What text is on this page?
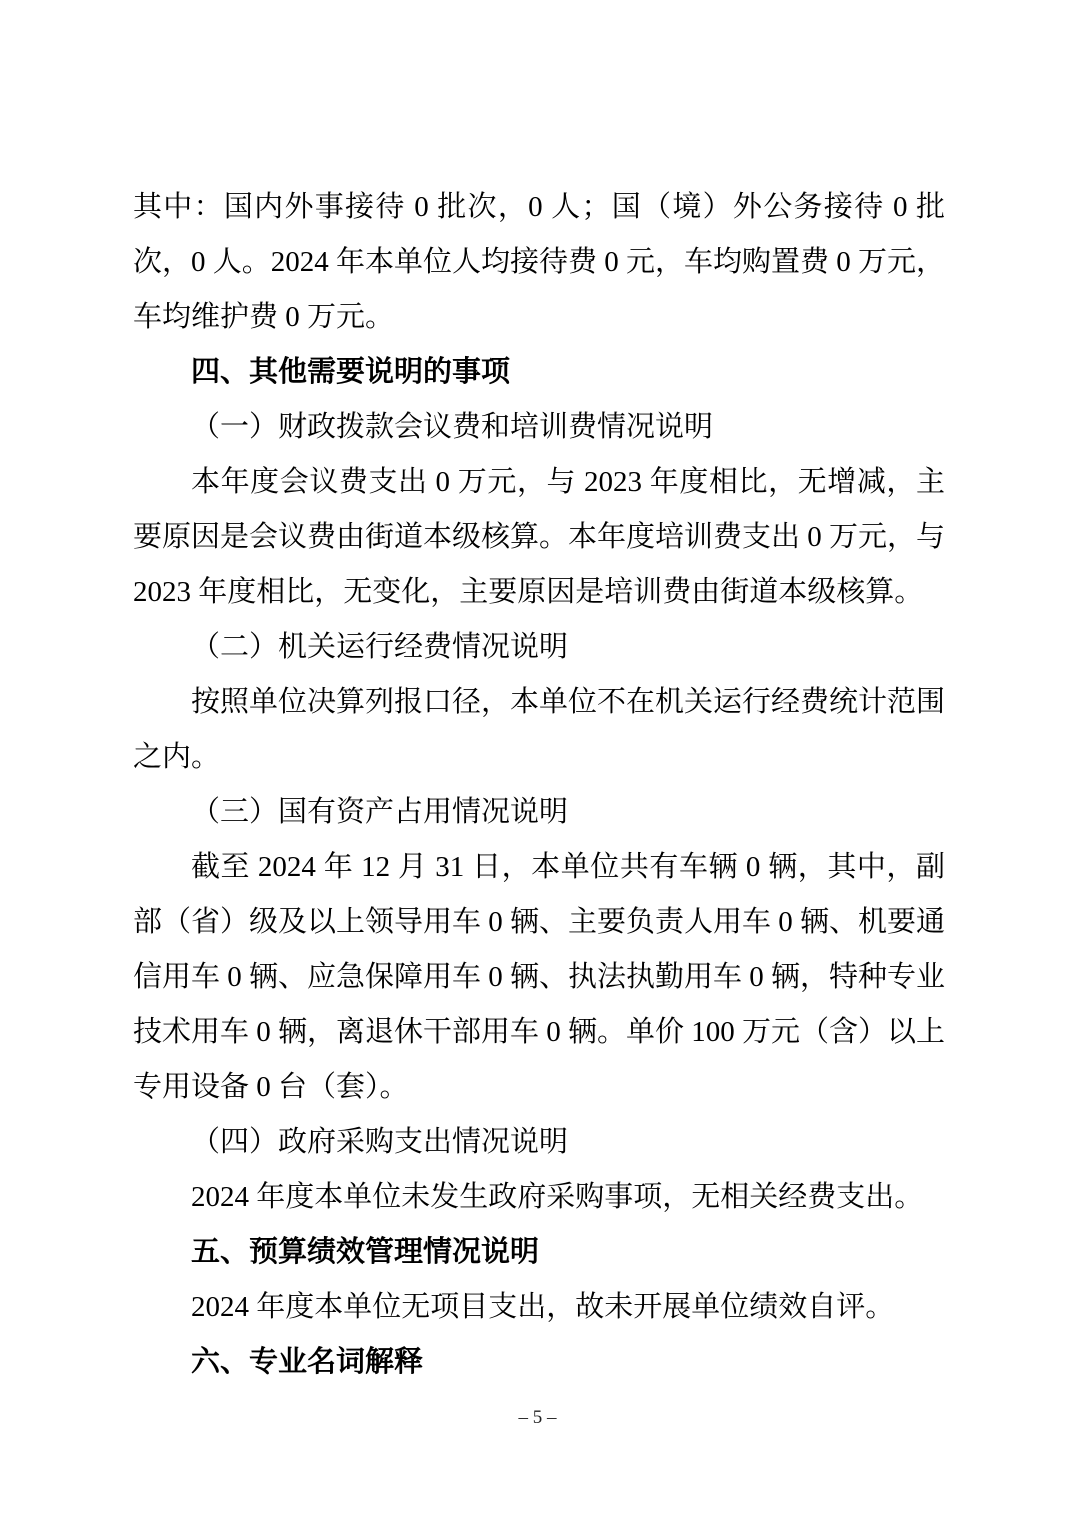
其中：国内外事接待 0 批次，0 人；国（境）外公务接待 0 批次，0 人。2024 年本单位人均接待费 0 元，车均购置费 0 万元，车均维护费 0 万元。
四、其他需要说明的事项
（一）财政拨款会议费和培训费情况说明
本年度会议费支出 0 万元，与 2023 年度相比，无增减，主要原因是会议费由街道本级核算。本年度培训费支出 0 万元，与 2023 年度相比，无变化，主要原因是培训费由街道本级核算。
（二）机关运行经费情况说明
按照单位决算列报口径，本单位不在机关运行经费统计范围之内。
（三）国有资产占用情况说明
截至 2024 年 12 月 31 日，本单位共有车辆 0 辆，其中，副部（省）级及以上领导用车 0 辆、主要负责人用车 0 辆、机要通信用车 0 辆、应急保障用车 0 辆、执法执勤用车 0 辆，特种专业技术用车 0 辆，离退休干部用车 0 辆。单价 100 万元（含）以上专用设备 0 台（套）。
（四）政府采购支出情况说明
2024 年度本单位未发生政府采购事项，无相关经费支出。
五、预算绩效管理情况说明
2024 年度本单位无项目支出，故未开展单位绩效自评。
六、专业名词解释
– 5 –
